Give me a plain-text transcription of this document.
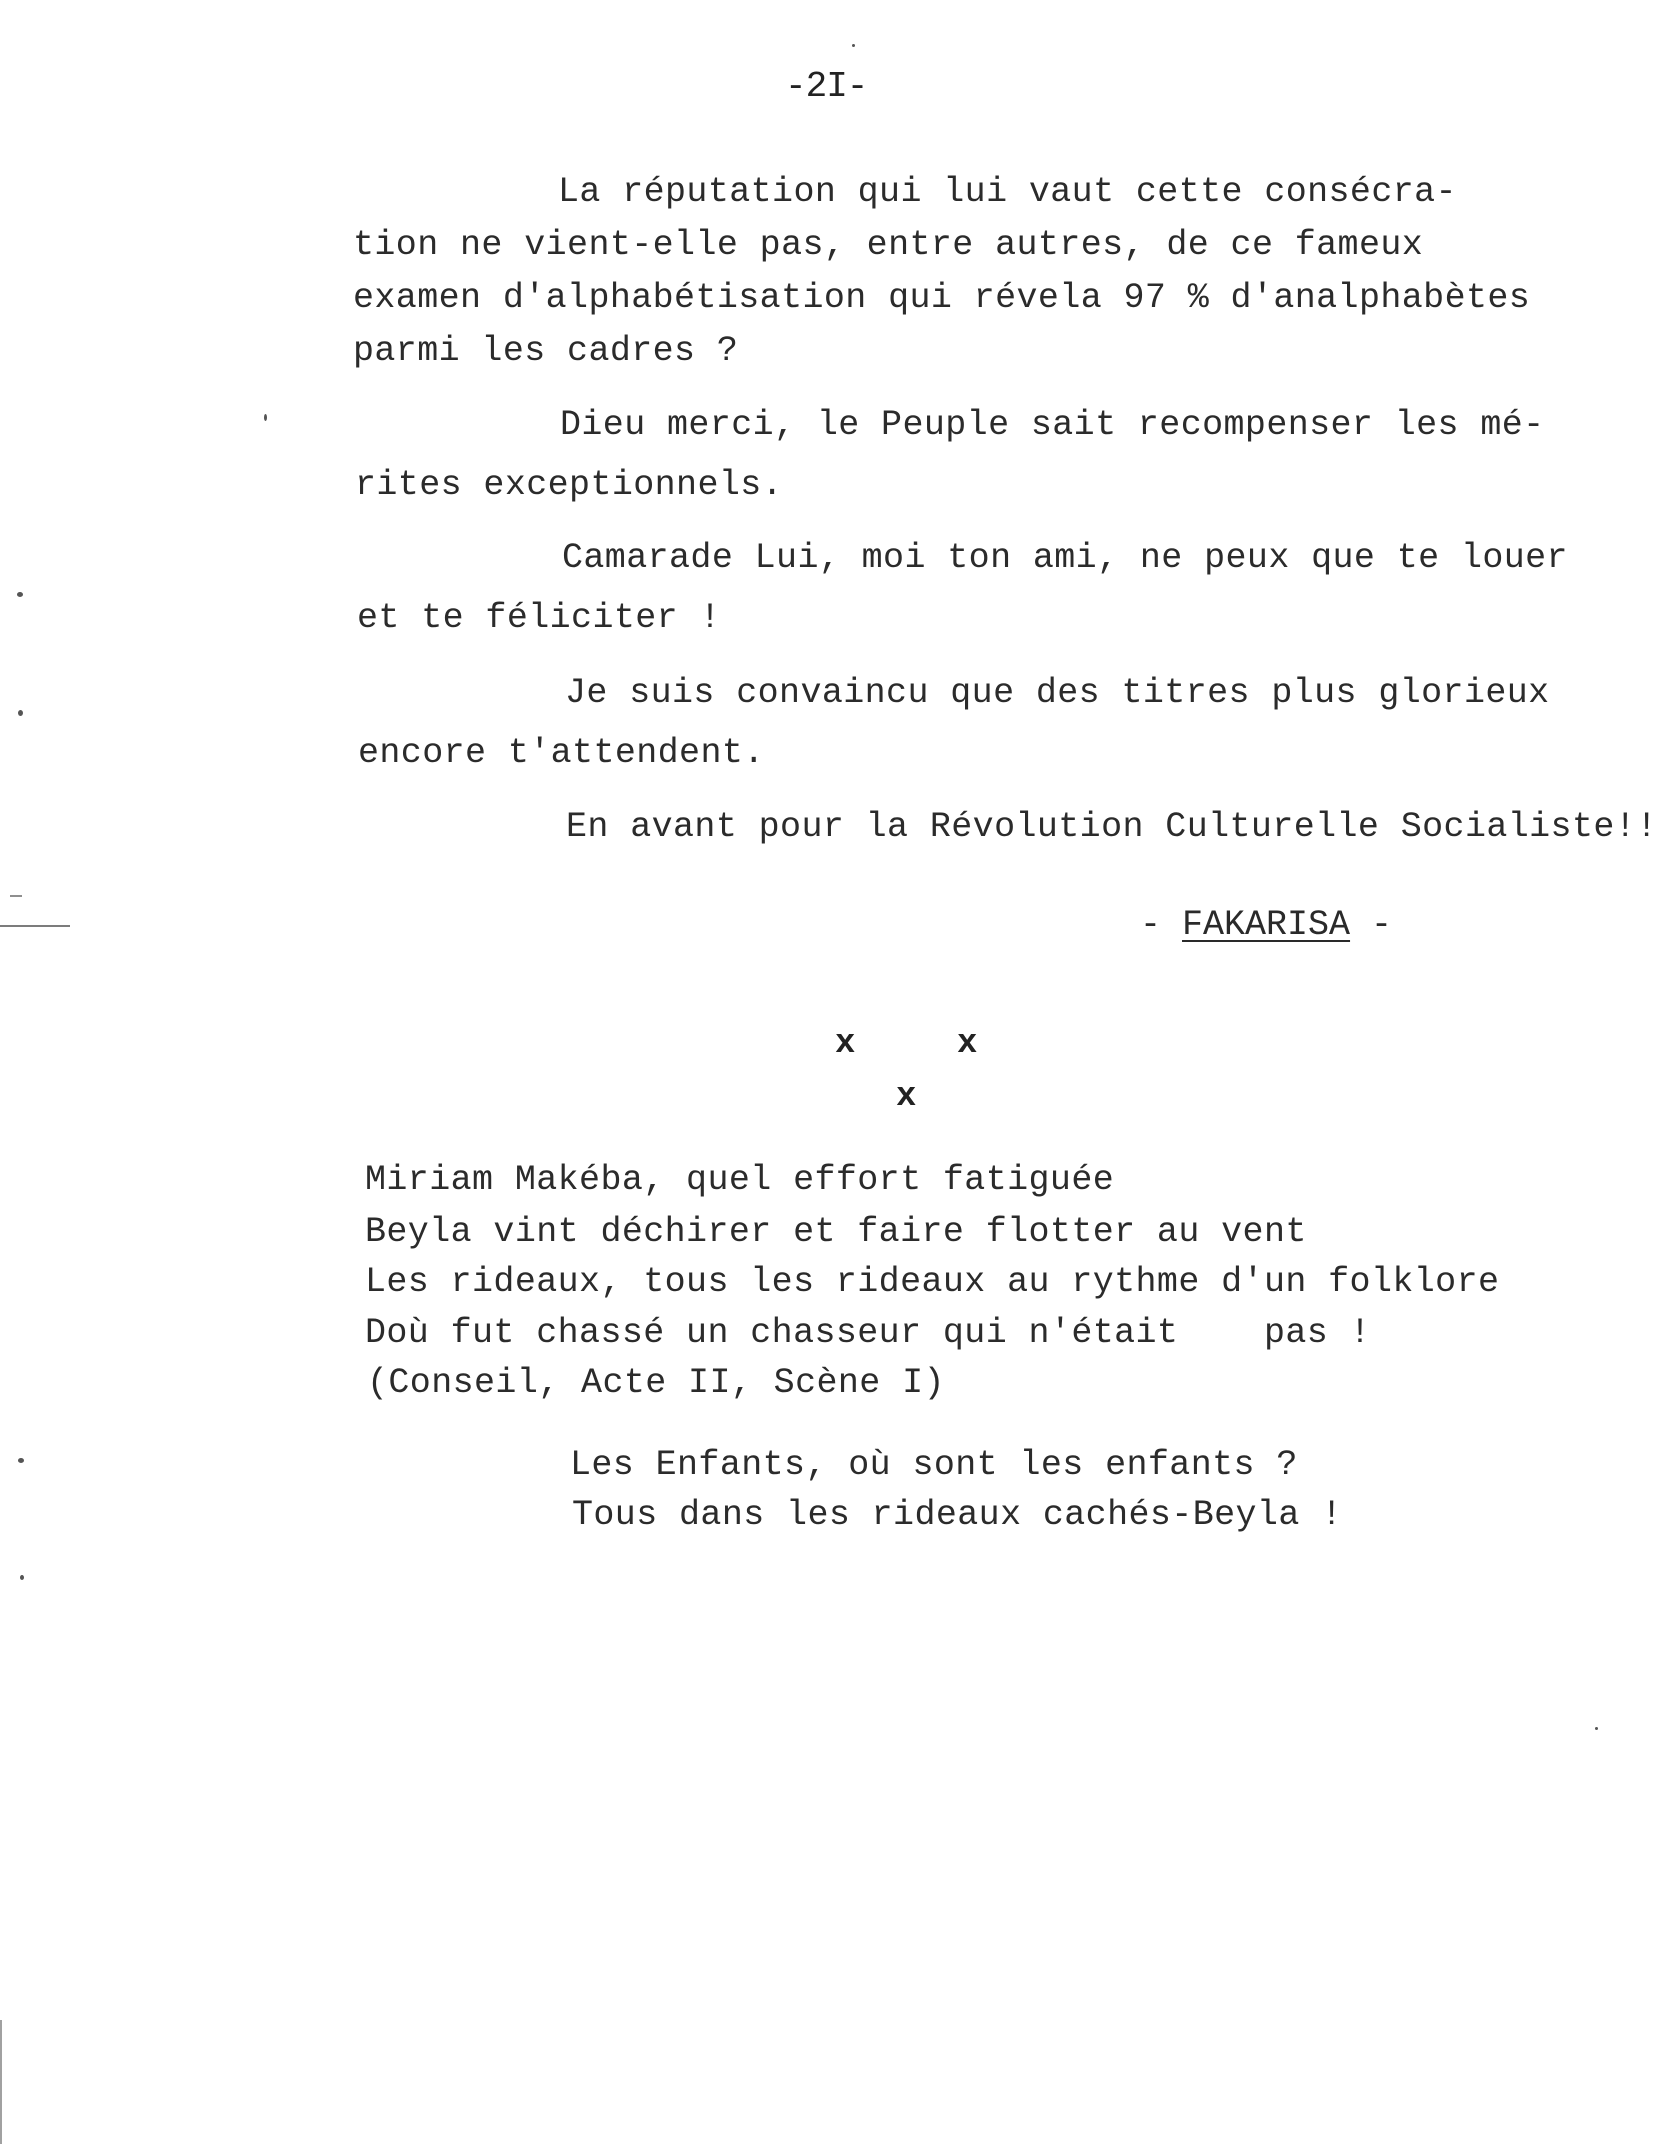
-2I-
La réputation qui lui vaut cette consécra-
tion ne vient-elle pas, entre autres, de ce fameux
examen d'alphabétisation qui révela 97 % d'analphabètes
parmi les cadres ?
Dieu merci, le Peuple sait recompenser les mé-
rites exceptionnels.
Camarade Lui, moi ton ami, ne peux que te louer
et te féliciter !
Je suis convaincu que des titres plus glorieux
encore t'attendent.
En avant pour la Révolution Culturelle Socialiste!!
- FAKARISA -
x	x
x
Miriam Makéba, quel effort fatiguée
Beyla vint déchirer et faire flotter au vent
Les rideaux, tous les rideaux au rythme d'un folklore
Doù fut chassé un chasseur qui n'était    pas !
(Conseil, Acte II, Scène I)
Les Enfants, où sont les enfants ?
Tous dans les rideaux cachés-Beyla !
